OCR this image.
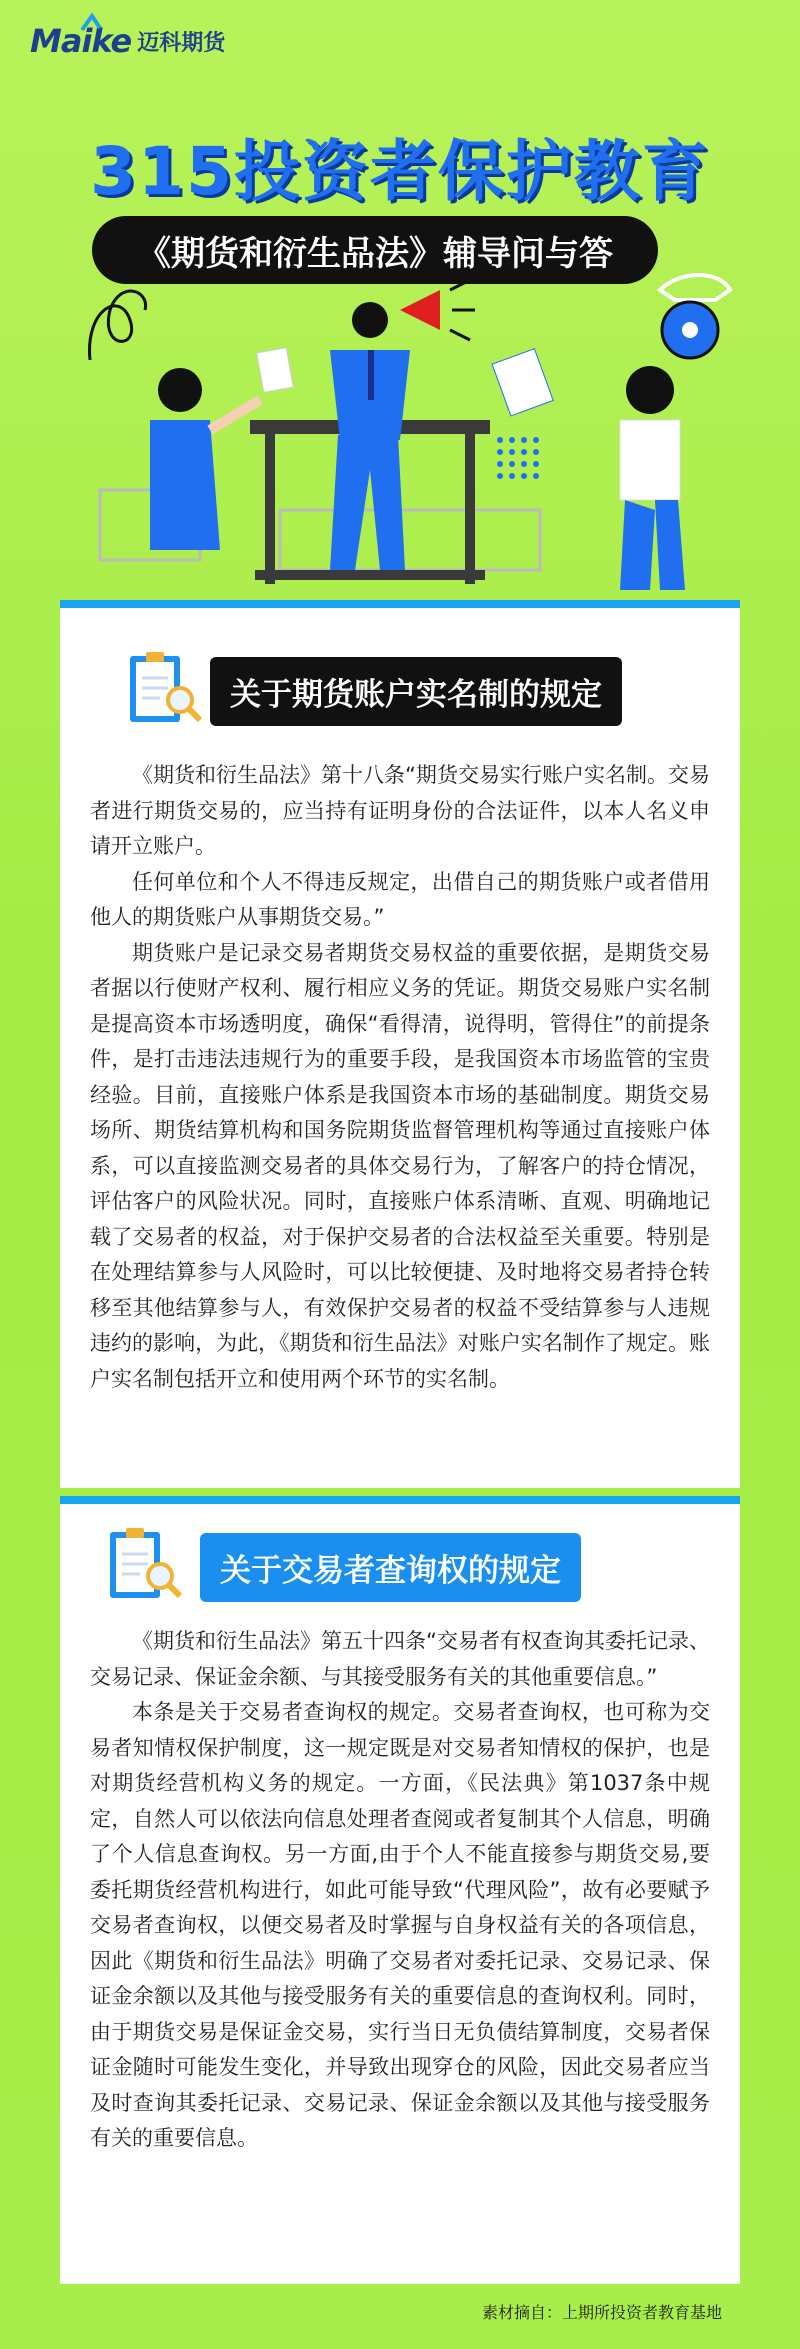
Maike 迈科期货
315投资者保护教育
《期货和衍生品法》辅导问与答
关于期货账户实名制的规定

《期货和衍生品法》第十八条“期货交易实行账户实名制。交易者进行期货交易的，应当持有证明身份的合法证件，以本人名义申请开立账户。

任何单位和个人不得违反规定，出借自己的期货账户或者借用他人的期货账户从事期货交易。”

期货账户是记录交易者期货交易权益的重要依据，是期货交易者据以行使财产权利、履行相应义务的凭证。期货交易账户实名制是提高资本市场透明度，确保“看得清，说得明，管得住”的前提条件，是打击违法违规行为的重要手段，是我国资本市场监管的宝贵经验。目前，直接账户体系是我国资本市场的基础制度。期货交易场所、期货结算机构和国务院期货监督管理机构等通过直接账户体系，可以直接监测交易者的具体交易行为，了解客户的持仓情况，评估客户的风险状况。同时，直接账户体系清晰、直观、明确地记载了交易者的权益，对于保护交易者的合法权益至关重要。特别是在处理结算参与人风险时，可以比较便捷、及时地将交易者持仓转移至其他结算参与人，有效保护交易者的权益不受结算参与人违规违约的影响，为此，《期货和衍生品法》对账户实名制作了规定。账户实名制包括开立和使用两个环节的实名制。

关于交易者查询权的规定

《期货和衍生品法》第五十四条“交易者有权查询其委托记录、交易记录、保证金余额、与其接受服务有关的其他重要信息。”

本条是关于交易者查询权的规定。交易者查询权，也可称为交易者知情权保护制度，这一规定既是对交易者知情权的保护，也是对期货经营机构义务的规定。一方面，《民法典》第1037条中规定，自然人可以依法向信息处理者查阅或者复制其个人信息，明确了个人信息查询权。另一方面,由于个人不能直接参与期货交易,要委托期货经营机构进行，如此可能导致“代理风险”，故有必要赋予交易者查询权，以便交易者及时掌握与自身权益有关的各项信息，因此《期货和衍生品法》明确了交易者对委托记录、交易记录、保证金余额以及其他与接受服务有关的重要信息的查询权利。同时，由于期货交易是保证金交易，实行当日无负债结算制度，交易者保证金随时可能发生变化，并导致出现穿仓的风险，因此交易者应当及时查询其委托记录、交易记录、保证金余额以及其他与接受服务有关的重要信息。

素材摘自：上期所投资者教育基地
